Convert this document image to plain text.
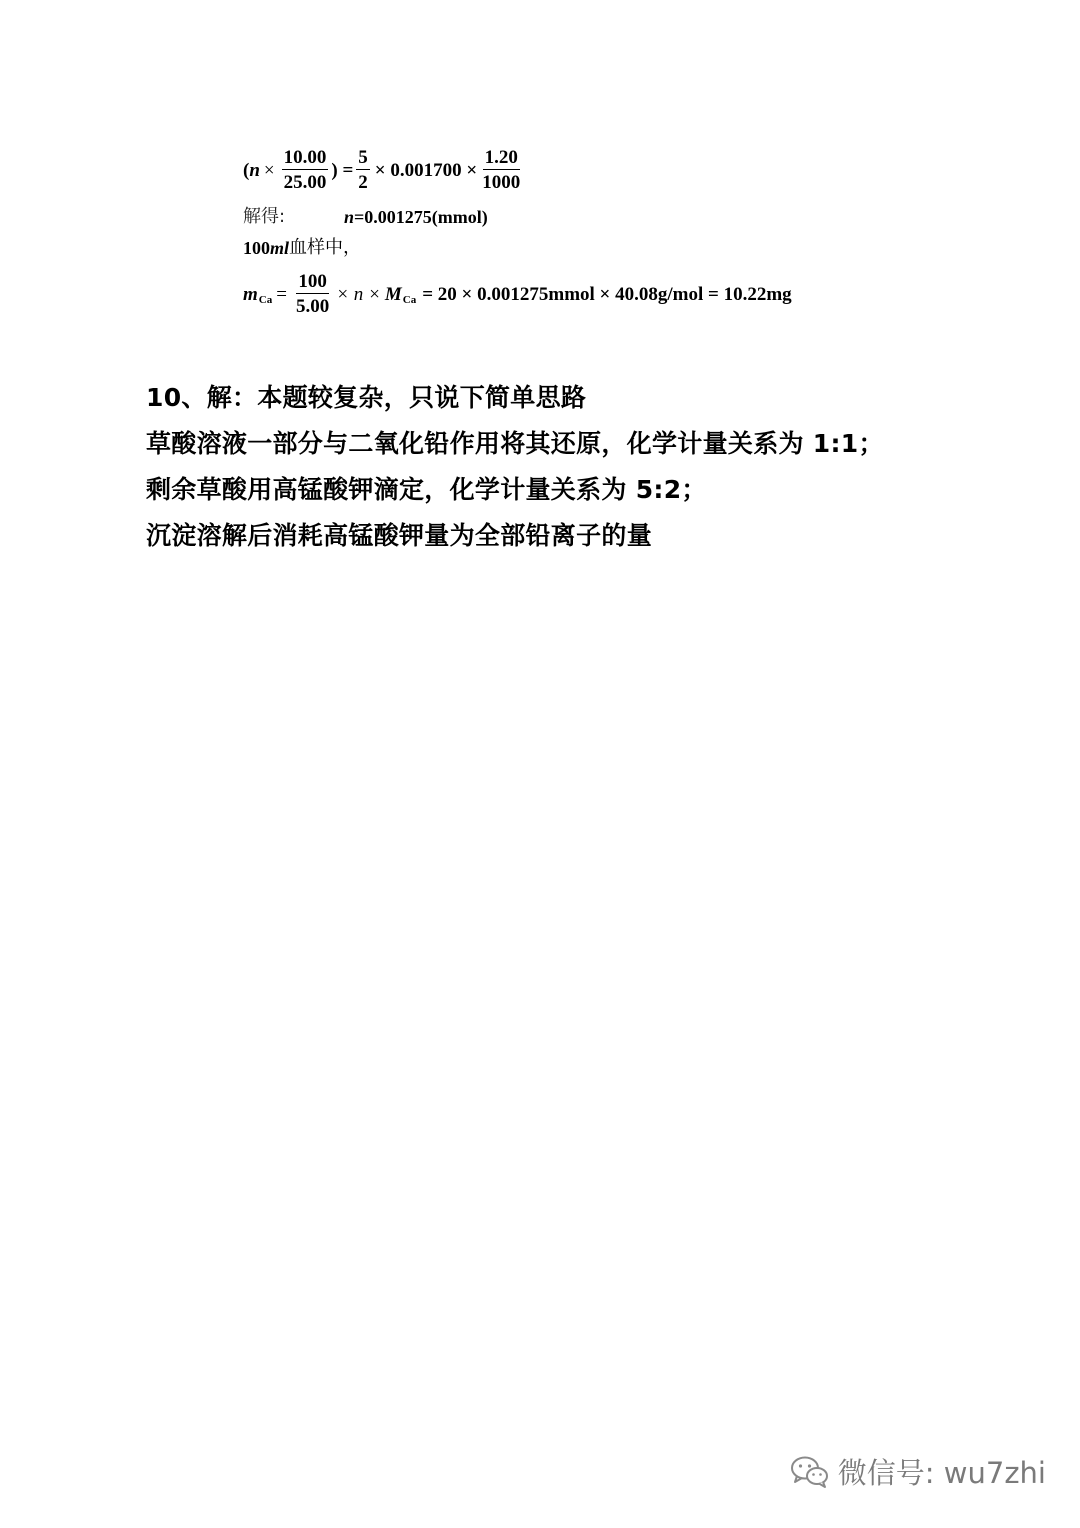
( $n \times \frac{10.00}{25.00}$ ) = $\frac{5}{2} \times 0.001700 \times \frac{1.20}{1000}$
解得:	n =0.001275(mmol)
100 ml 血样中，
m $Ca = \frac{100}{5.00} \times n \times M$ Ca = 20 × 0.001275mmol × 40.08g/mol = 10.22mg
10、解：本题较复杂，只说下简单思路
草酸溶液一部分与二氧化铅作用将其还原，化学计量关系为 1:1；
剩余草酸用高锰酸钾滴定，化学计量关系为 5:2；
沉淀溶解后消耗高锰酸钾量为全部铅离子的量
微信号: wu7zhi
